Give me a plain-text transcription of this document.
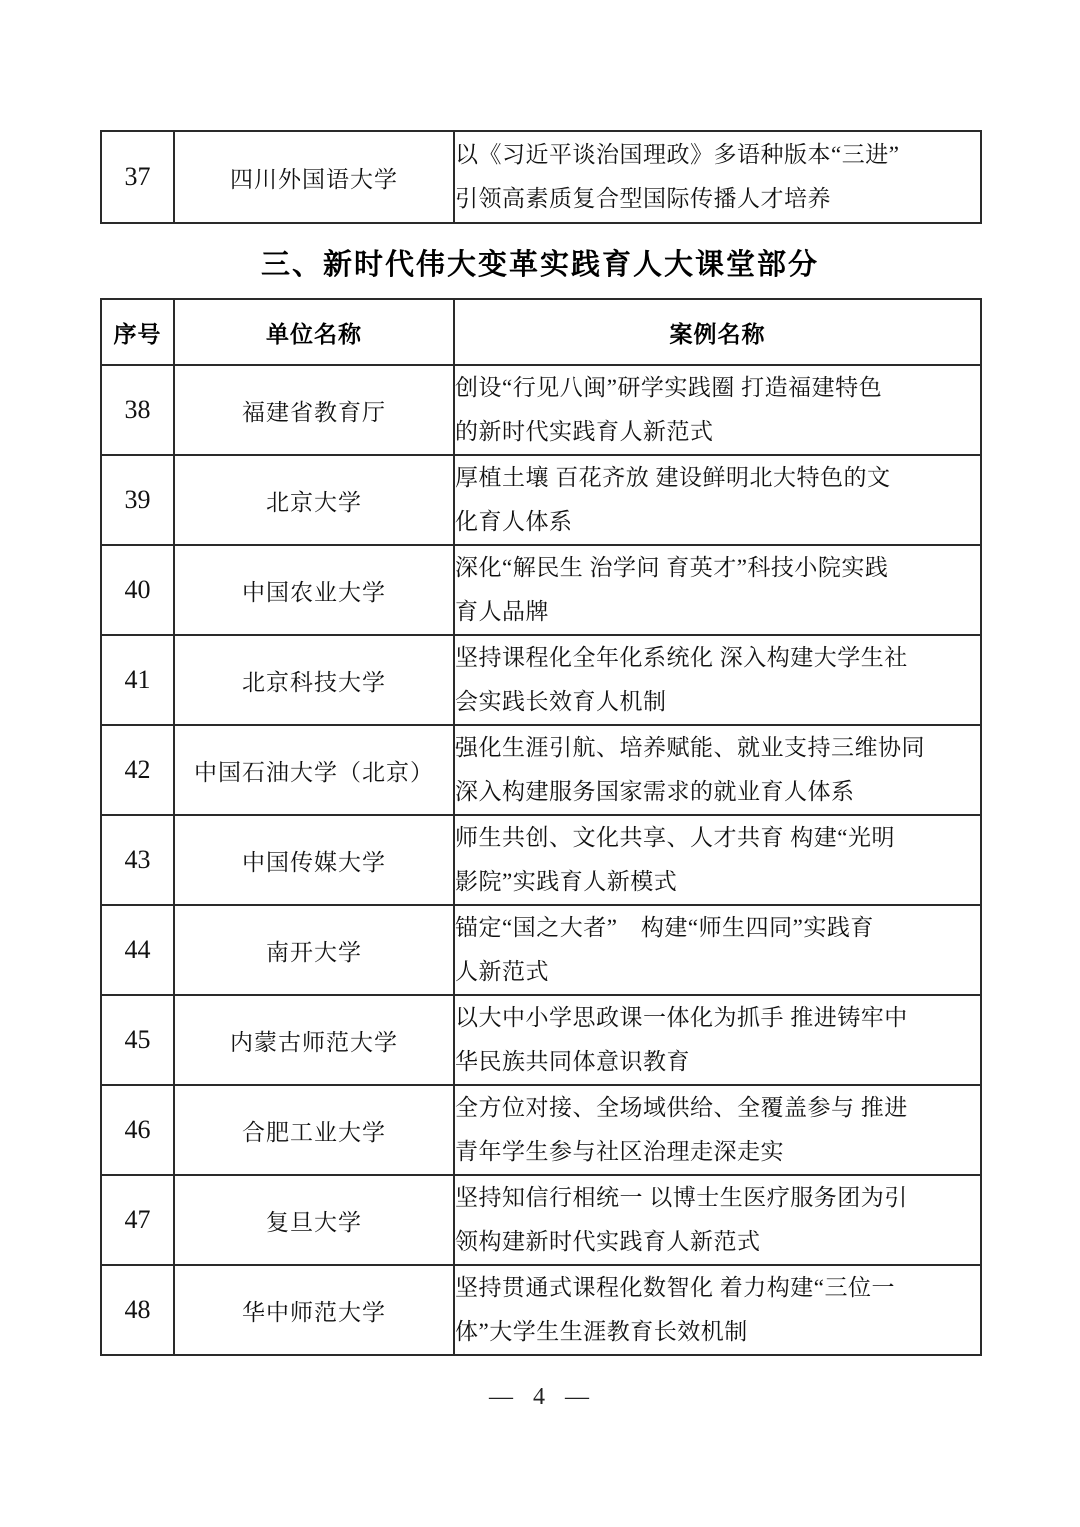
37	四川外国语大学	
以《习近平谈治国理政》多语种版本“三进”
引领高素质复合型国际传播人才培养
三、新时代伟大变革实践育人大课堂部分
序号	单位名称	案例名称
38	福建省教育厅	创设“行见八闽”研学实践圈 打造福建特色
的新时代实践育人新范式

39	北京大学	厚植土壤 百花齐放 建设鲜明北大特色的文
化育人体系

40	中国农业大学	深化“解民生 治学问 育英才”科技小院实践
育人品牌

41	北京科技大学	坚持课程化全年化系统化 深入构建大学生社
会实践长效育人机制

42	中国石油大学（北京）	强化生涯引航、培养赋能、就业支持三维协同
深入构建服务国家需求的就业育人体系

43	中国传媒大学	师生共创、文化共享、人才共育 构建“光明
影院”实践育人新模式

44	南开大学	锚定“国之大者”　构建“师生四同”实践育
人新范式

45	内蒙古师范大学	以大中小学思政课一体化为抓手 推进铸牢中
华民族共同体意识教育

46	合肥工业大学	全方位对接、全场域供给、全覆盖参与 推进
青年学生参与社区治理走深走实

47	复旦大学	坚持知信行相统一 以博士生医疗服务团为引
领构建新时代实践育人新范式

48	华中师范大学	坚持贯通式课程化数智化 着力构建“三位一
体”大学生生涯教育长效机制
— 4 —
